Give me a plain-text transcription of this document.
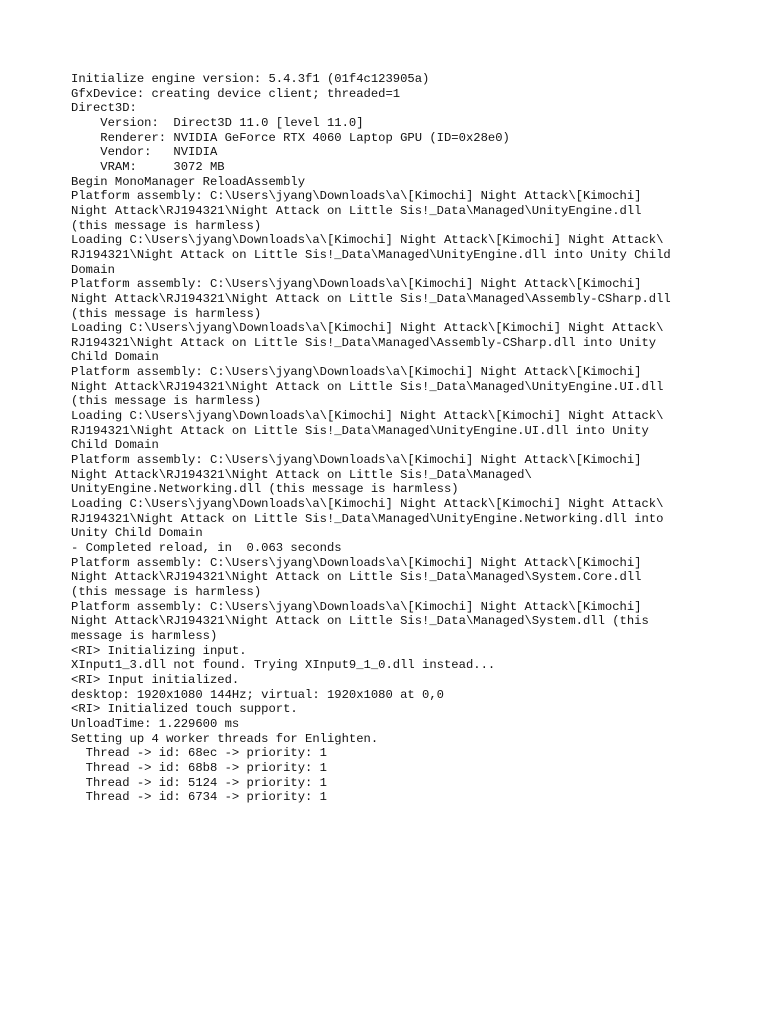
Initialize engine version: 5.4.3f1 (01f4c123905a)
GfxDevice: creating device client; threaded=1
Direct3D:
Version:  Direct3D 11.0 [level 11.0]
Renderer: NVIDIA GeForce RTX 4060 Laptop GPU (ID=0x28e0)
Vendor:   NVIDIA
VRAM:     3072 MB
Begin MonoManager ReloadAssembly
Platform assembly: C:\Users\jyang\Downloads\a\[Kimochi] Night Attack\[Kimochi]
Night Attack\RJ194321\Night Attack on Little Sis!_Data\Managed\UnityEngine.dll
(this message is harmless)
Loading C:\Users\jyang\Downloads\a\[Kimochi] Night Attack\[Kimochi] Night Attack\
RJ194321\Night Attack on Little Sis!_Data\Managed\UnityEngine.dll into Unity Child
Domain
Platform assembly: C:\Users\jyang\Downloads\a\[Kimochi] Night Attack\[Kimochi]
Night Attack\RJ194321\Night Attack on Little Sis!_Data\Managed\Assembly-CSharp.dll
(this message is harmless)
Loading C:\Users\jyang\Downloads\a\[Kimochi] Night Attack\[Kimochi] Night Attack\
RJ194321\Night Attack on Little Sis!_Data\Managed\Assembly-CSharp.dll into Unity
Child Domain
Platform assembly: C:\Users\jyang\Downloads\a\[Kimochi] Night Attack\[Kimochi]
Night Attack\RJ194321\Night Attack on Little Sis!_Data\Managed\UnityEngine.UI.dll
(this message is harmless)
Loading C:\Users\jyang\Downloads\a\[Kimochi] Night Attack\[Kimochi] Night Attack\
RJ194321\Night Attack on Little Sis!_Data\Managed\UnityEngine.UI.dll into Unity
Child Domain
Platform assembly: C:\Users\jyang\Downloads\a\[Kimochi] Night Attack\[Kimochi]
Night Attack\RJ194321\Night Attack on Little Sis!_Data\Managed\
UnityEngine.Networking.dll (this message is harmless)
Loading C:\Users\jyang\Downloads\a\[Kimochi] Night Attack\[Kimochi] Night Attack\
RJ194321\Night Attack on Little Sis!_Data\Managed\UnityEngine.Networking.dll into
Unity Child Domain
- Completed reload, in  0.063 seconds
Platform assembly: C:\Users\jyang\Downloads\a\[Kimochi] Night Attack\[Kimochi]
Night Attack\RJ194321\Night Attack on Little Sis!_Data\Managed\System.Core.dll
(this message is harmless)
Platform assembly: C:\Users\jyang\Downloads\a\[Kimochi] Night Attack\[Kimochi]
Night Attack\RJ194321\Night Attack on Little Sis!_Data\Managed\System.dll (this
message is harmless)
<RI> Initializing input.
XInput1_3.dll not found. Trying XInput9_1_0.dll instead...
<RI> Input initialized.
desktop: 1920x1080 144Hz; virtual: 1920x1080 at 0,0
<RI> Initialized touch support.
UnloadTime: 1.229600 ms
Setting up 4 worker threads for Enlighten.
Thread -> id: 68ec -> priority: 1
Thread -> id: 68b8 -> priority: 1
Thread -> id: 5124 -> priority: 1
Thread -> id: 6734 -> priority: 1
